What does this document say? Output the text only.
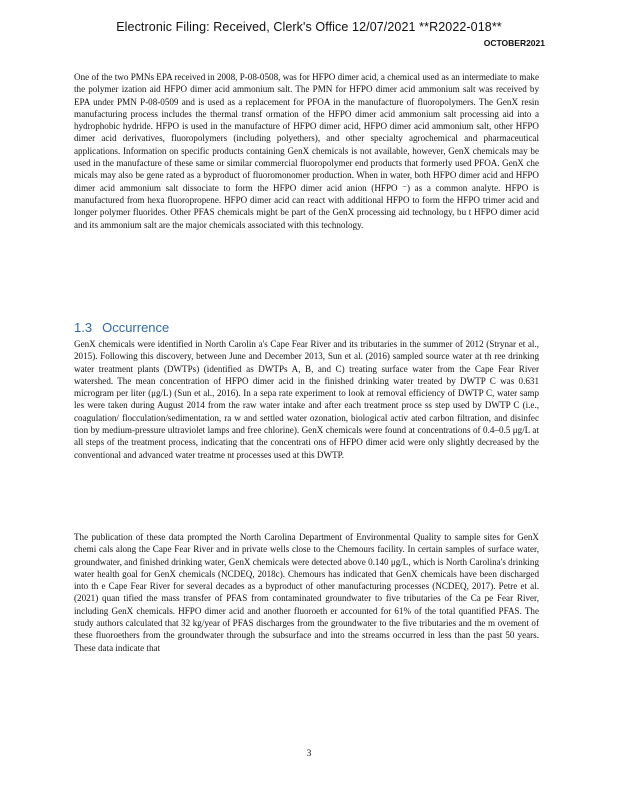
Electronic Filing: Received, Clerk's Office 12/07/2021 **R2022-018**
OCTOBER2021

One of the two PMNs EPA received in 2008, P-08-0508, was for HFPO dimer acid, a chemical used as an intermediate to make the polymer ization aid HFPO dimer acid ammonium salt. The PMN for HFPO dimer acid ammonium salt was received by EPA under PMN P-08-0509 and is used as a replacement for PFOA in the manufacture of fluoropolymers. The GenX resin manufacturing process includes the thermal transf ormation of the HFPO dimer acid ammonium salt processing aid into a hydrophobic hydride. HFPO is used in the manufacture of HFPO dimer acid, HFPO dimer acid ammonium salt, other HFPO dimer acid derivatives, fluoropolymers (including polyethers), and other specialty agrochemical and pharmaceutical applications. Information on specific products containing GenX chemicals is not available, however, GenX chemicals may be used in the manufacture of these same or similar commercial fluoropolymer end products that formerly used PFOA. GenX che micals may also be gene rated as a byproduct of fluoromonomer production. When in water, both HFPO dimer acid and HFPO dimer acid ammonium salt dissociate to form the HFPO dimer acid anion (HFPO ⁻) as a common analyte. HFPO is manufactured from hexa fluoropropene. HFPO dimer acid can react with additional HFPO to form the HFPO trimer acid and longer polymer fluorides. Other PFAS chemicals might be part of the GenX processing aid technology, bu t HFPO dimer acid and its ammonium salt are the major chemicals associated with this technology.

1.3 Occurrence

GenX chemicals were identified in North Carolin a's Cape Fear River and its tributaries in the summer of 2012 (Strynar et al., 2015). Following this discovery, between June and December 2013, Sun et al. (2016) sampled source water at th ree drinking water treatment plants (DWTPs) (identified as DWTPs A, B, and C) treating surface water from the Cape Fear River watershed. The mean concentration of HFPO dimer acid in the finished drinking water treated by DWTP C was 0.631 microgram per liter (μg/L) (Sun et al., 2016). In a sepa rate experiment to look at removal efficiency of DWTP C, water samp les were taken during August 2014 from the raw water intake and after each treatment proce ss step used by DWTP C (i.e., coagulation/ flocculation/sedimentation, ra w and settled water ozonation, biological activ ated carbon filtration, and disinfec tion by medium-pressure ultraviolet lamps and free chlorine). GenX chemicals were found at concentrations of 0.4–0.5 μg/L at all steps of the treatment process, indicating that the concentrati ons of HFPO dimer acid were only slightly decreased by the conventional and advanced water treatme nt processes used at this DWTP.

The publication of these data prompted the North Carolina Department of Environmental Quality to sample sites for GenX chemi cals along the Cape Fear River and in private wells close to the Chemours facility. In certain samples of surface water, groundwater, and finished drinking water, GenX chemicals were detected above 0.140 μg/L, which is North Carolina's drinking water health goal for GenX chemicals (NCDEQ, 2018c). Chemours has indicated that GenX chemicals have been discharged into th e Cape Fear River for several decades as a byproduct of other manufacturing processes (NCDEQ, 2017). Petre et al. (2021) quan tified the mass transfer of PFAS from contaminated groundwater to five tributaries of the Ca pe Fear River, including GenX chemicals. HFPO dimer acid and another fluoroeth er accounted for 61% of the total quantified PFAS. The study authors calculated that 32 kg/year of PFAS discharges from the groundwater to the five tributaries and the m ovement of these fluoroethers from the groundwater through the subsurface and into the streams occurred in less than the past 50 years. These data indicate that

3
